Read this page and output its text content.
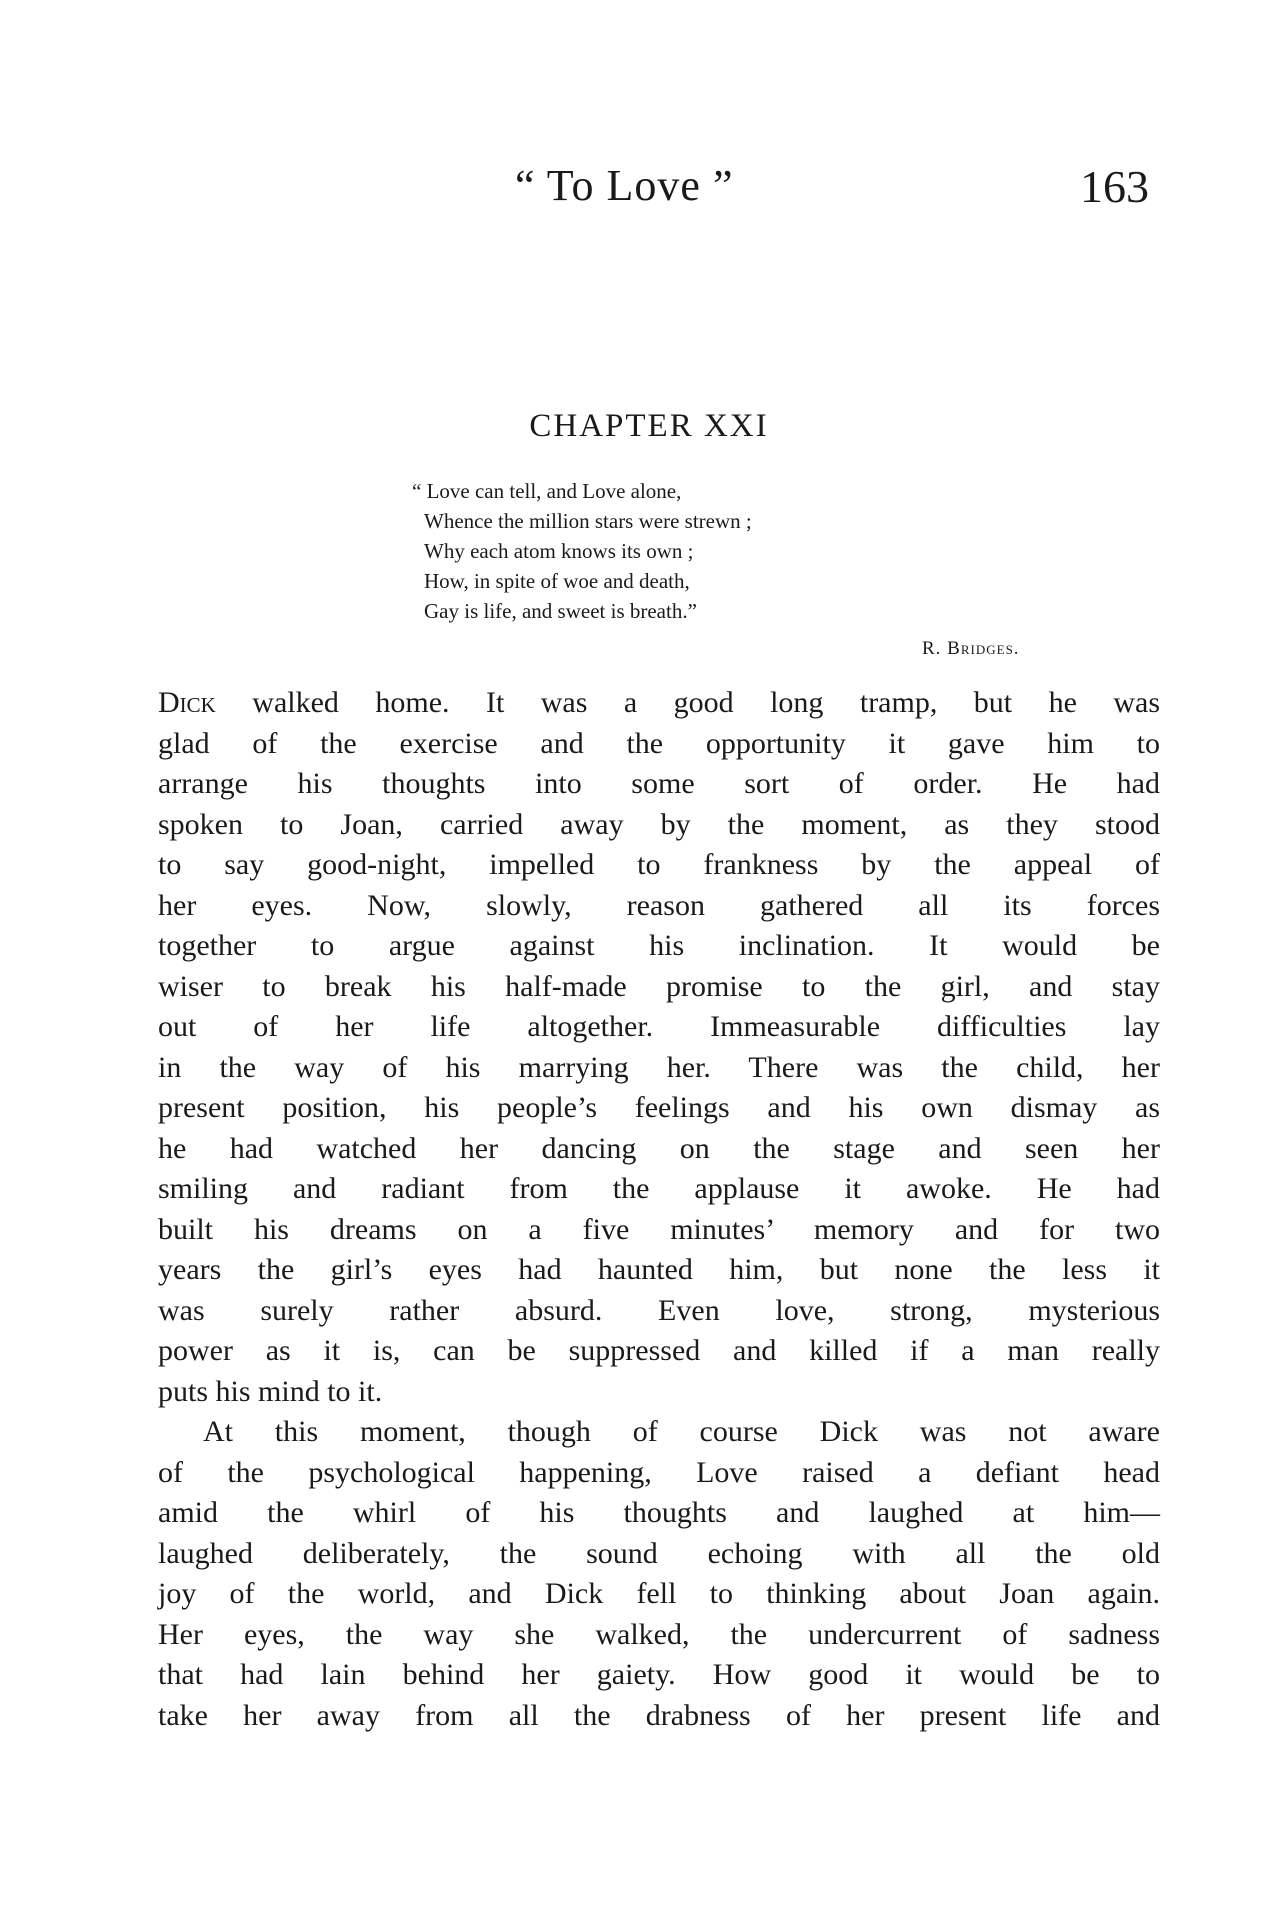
“ To Love ”	163
CHAPTER XXI
“ Love can tell, and Love alone,
Whence the million stars were strewn ;
Why each atom knows its own ;
How, in spite of woe and death,
Gay is life, and sweet is breath.”
R. Bridges.

Dick walked home. It was a good long tramp, but he was
glad of the exercise and the opportunity it gave him to
arrange his thoughts into some sort of order. He had
spoken to Joan, carried away by the moment, as they stood
to say good-night, impelled to frankness by the appeal of
her eyes. Now, slowly, reason gathered all its forces
together to argue against his inclination. It would be
wiser to break his half-made promise to the girl, and stay
out of her life altogether. Immeasurable difficulties lay
in the way of his marrying her. There was the child, her
present position, his people’s feelings and his own dismay as
he had watched her dancing on the stage and seen her
smiling and radiant from the applause it awoke. He had
built his dreams on a five minutes’ memory and for two
years the girl’s eyes had haunted him, but none the less it
was surely rather absurd. Even love, strong, mysterious
power as it is, can be suppressed and killed if a man really
puts his mind to it.

At this moment, though of course Dick was not aware
of the psychological happening, Love raised a defiant head
amid the whirl of his thoughts and laughed at him—
laughed deliberately, the sound echoing with all the old
joy of the world, and Dick fell to thinking about Joan again.
Her eyes, the way she walked, the undercurrent of sadness
that had lain behind her gaiety. How good it would be to
take her away from all the drabness of her present life and
